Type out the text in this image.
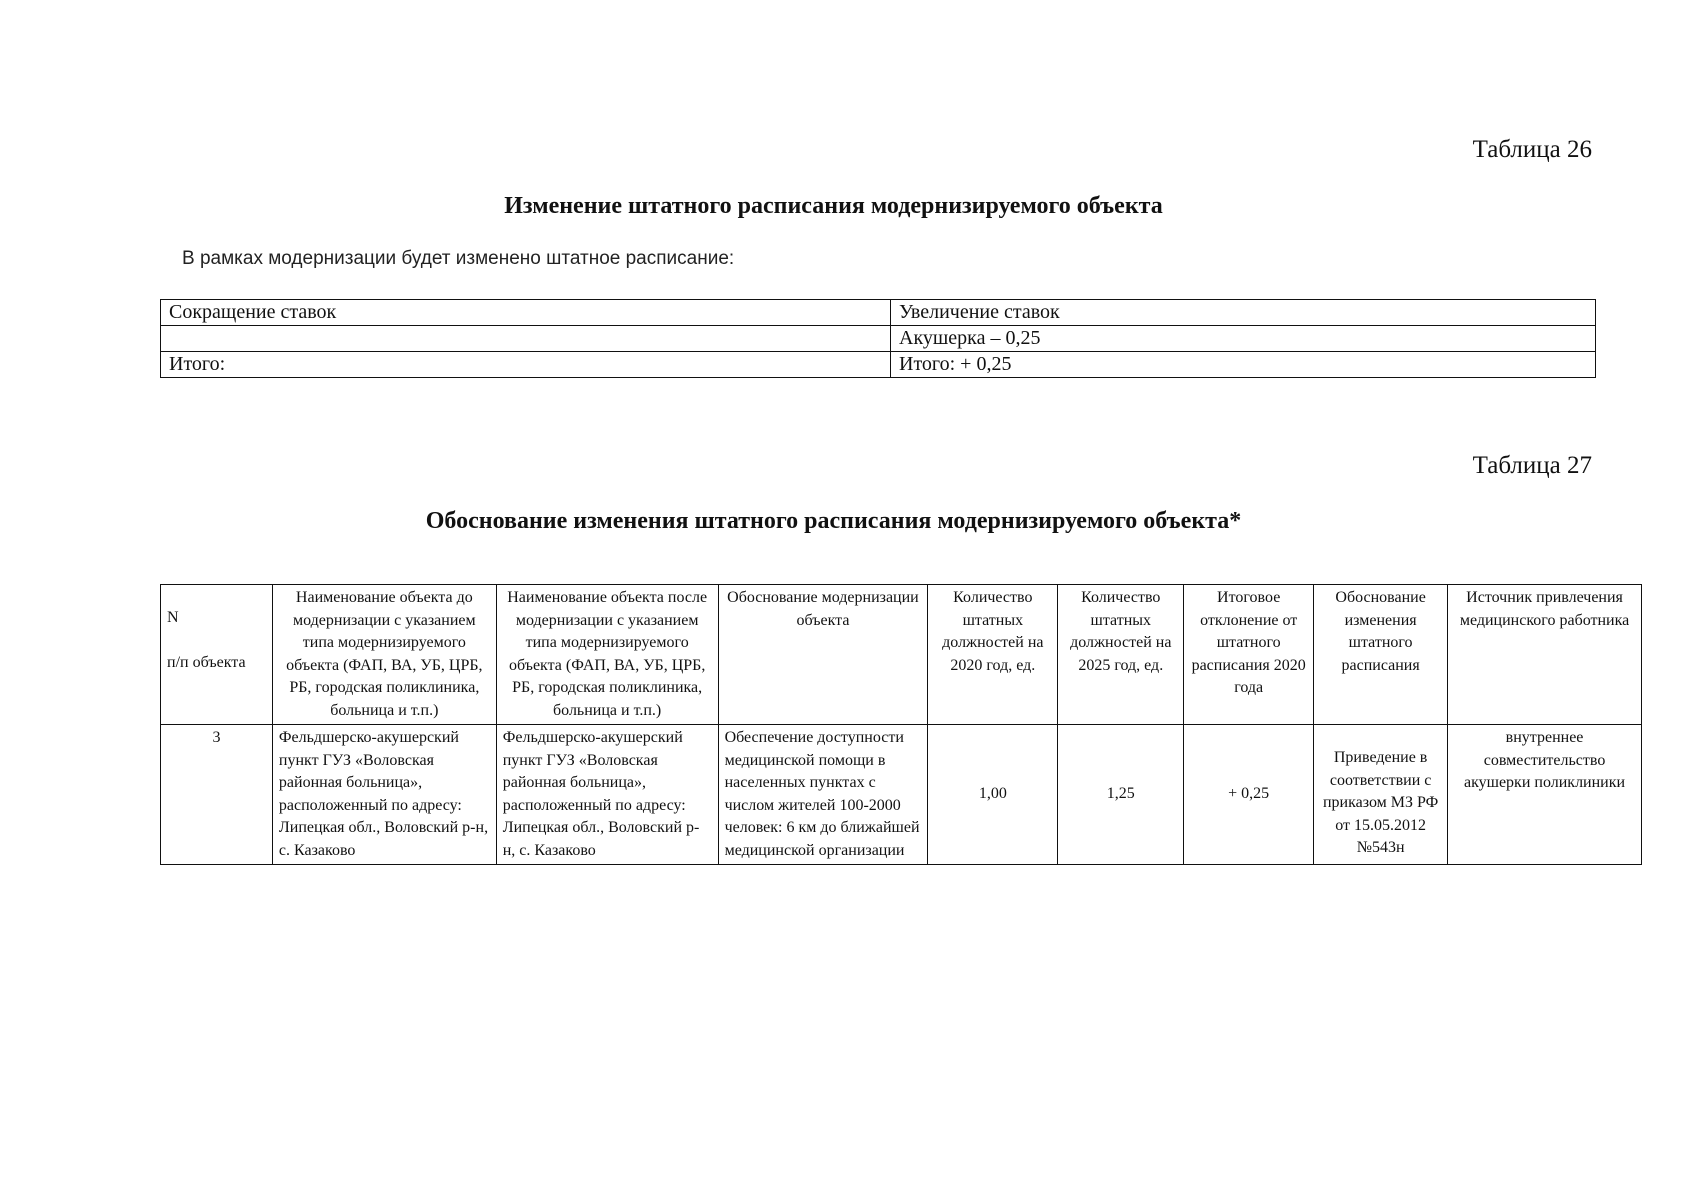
Таблица 26
Изменение штатного расписания модернизируемого объекта
В рамках модернизации будет изменено штатное расписание:
Сокращение ставок	Увеличение ставок
	Акушерка – 0,25
Итого:	Итого: + 0,25
Таблица 27
Обоснование изменения штатного расписания модернизируемого объекта*
N
п/п объекта	Наименование объекта до модернизации с указанием типа модернизируемого объекта (ФАП, ВА, УБ, ЦРБ, РБ, городская поликлиника, больница и т.п.)	Наименование объекта после модернизации с указанием типа модернизируемого объекта (ФАП, ВА, УБ, ЦРБ, РБ, городская поликлиника, больница и т.п.)	Обоснование модернизации объекта	Количество штатных должностей на 2020 год, ед.	Количество штатных должностей на 2025 год, ед.	Итоговое отклонение от штатного расписания 2020 года	Обоснование изменения штатного расписания	Источник привлечения медицинского работника
3	Фельдшерско-акушерский пункт ГУЗ «Воловская районная больница», расположенный по адресу: Липецкая обл., Воловский р-н, с. Казаково	Фельдшерско-акушерский пункт ГУЗ «Воловская районная больница», расположенный по адресу: Липецкая обл., Воловский р-н, с. Казаково	Обеспечение доступности медицинской помощи в населенных пунктах с числом жителей 100-2000 человек: 6 км до ближайшей медицинской организации	1,00	1,25	+ 0,25	Приведение в соответствии с приказом МЗ РФ от 15.05.2012 №543н	внутреннее совместительство акушерки поликлиники
